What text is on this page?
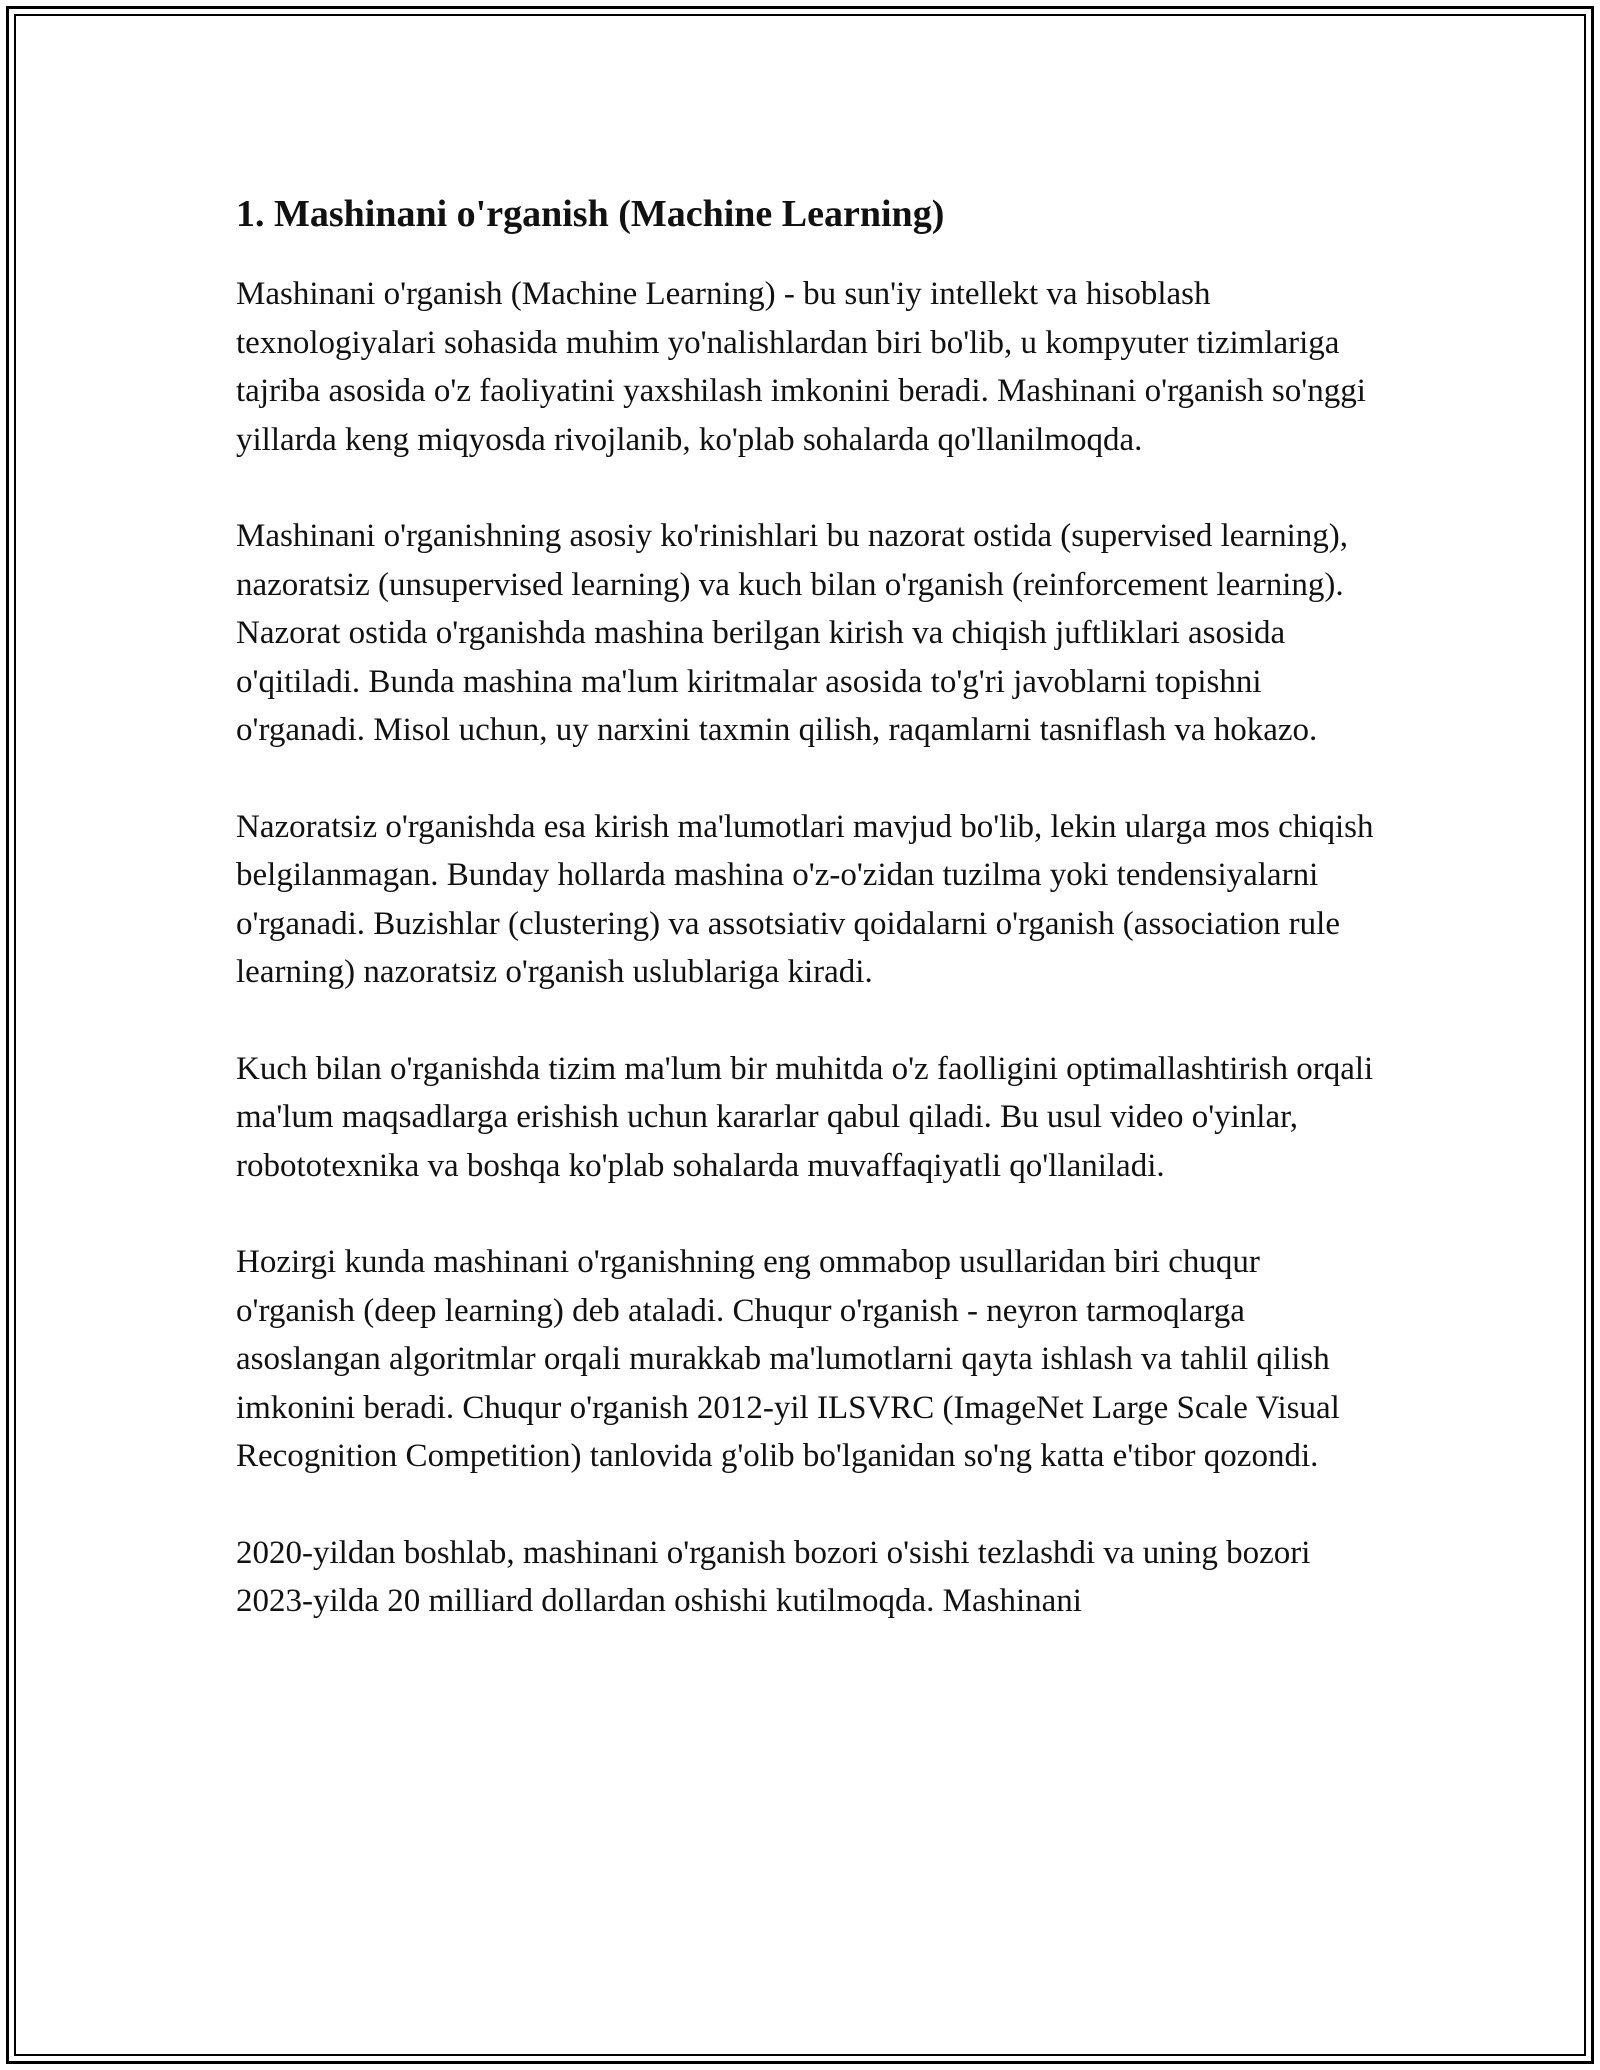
1. Mashinani o'rganish (Machine Learning)

Mashinani o'rganish (Machine Learning) - bu sun'iy intellekt va hisoblash texnologiyalari sohasida muhim yo'nalishlardan biri bo'lib, u kompyuter tizimlariga tajriba asosida o'z faoliyatini yaxshilash imkonini beradi. Mashinani o'rganish so'nggi yillarda keng miqyosda rivojlanib, ko'plab sohalarda qo'llanilmoqda.

Mashinani o'rganishning asosiy ko'rinishlari bu nazorat ostida (supervised learning), nazoratsiz (unsupervised learning) va kuch bilan o'rganish (reinforcement learning). Nazorat ostida o'rganishda mashina berilgan kirish va chiqish juftliklari asosida o'qitiladi. Bunda mashina ma'lum kiritmalar asosida to'g'ri javoblarni topishni o'rganadi. Misol uchun, uy narxini taxmin qilish, raqamlarni tasniflash va hokazo.

Nazoratsiz o'rganishda esa kirish ma'lumotlari mavjud bo'lib, lekin ularga mos chiqish belgilanmagan. Bunday hollarda mashina o'z-o'zidan tuzilma yoki tendensiyalarni o'rganadi. Buzishlar (clustering) va assotsiativ qoidalarni o'rganish (association rule learning) nazoratsiz o'rganish uslublariga kiradi.

Kuch bilan o'rganishda tizim ma'lum bir muhitda o'z faolligini optimallashtirish orqali ma'lum maqsadlarga erishish uchun kararlar qabul qiladi. Bu usul video o'yinlar, robototexnika va boshqa ko'plab sohalarda muvaffaqiyatli qo'llaniladi.

Hozirgi kunda mashinani o'rganishning eng ommabop usullaridan biri chuqur o'rganish (deep learning) deb ataladi. Chuqur o'rganish - neyron tarmoqlarga asoslangan algoritmlar orqali murakkab ma'lumotlarni qayta ishlash va tahlil qilish imkonini beradi. Chuqur o'rganish 2012-yil ILSVRC (ImageNet Large Scale Visual Recognition Competition) tanlovida g'olib bo'lganidan so'ng katta e'tibor qozondi.

2020-yildan boshlab, mashinani o'rganish bozori o'sishi tezlashdi va uning bozori 2023-yilda 20 milliard dollardan oshishi kutilmoqda. Mashinani
